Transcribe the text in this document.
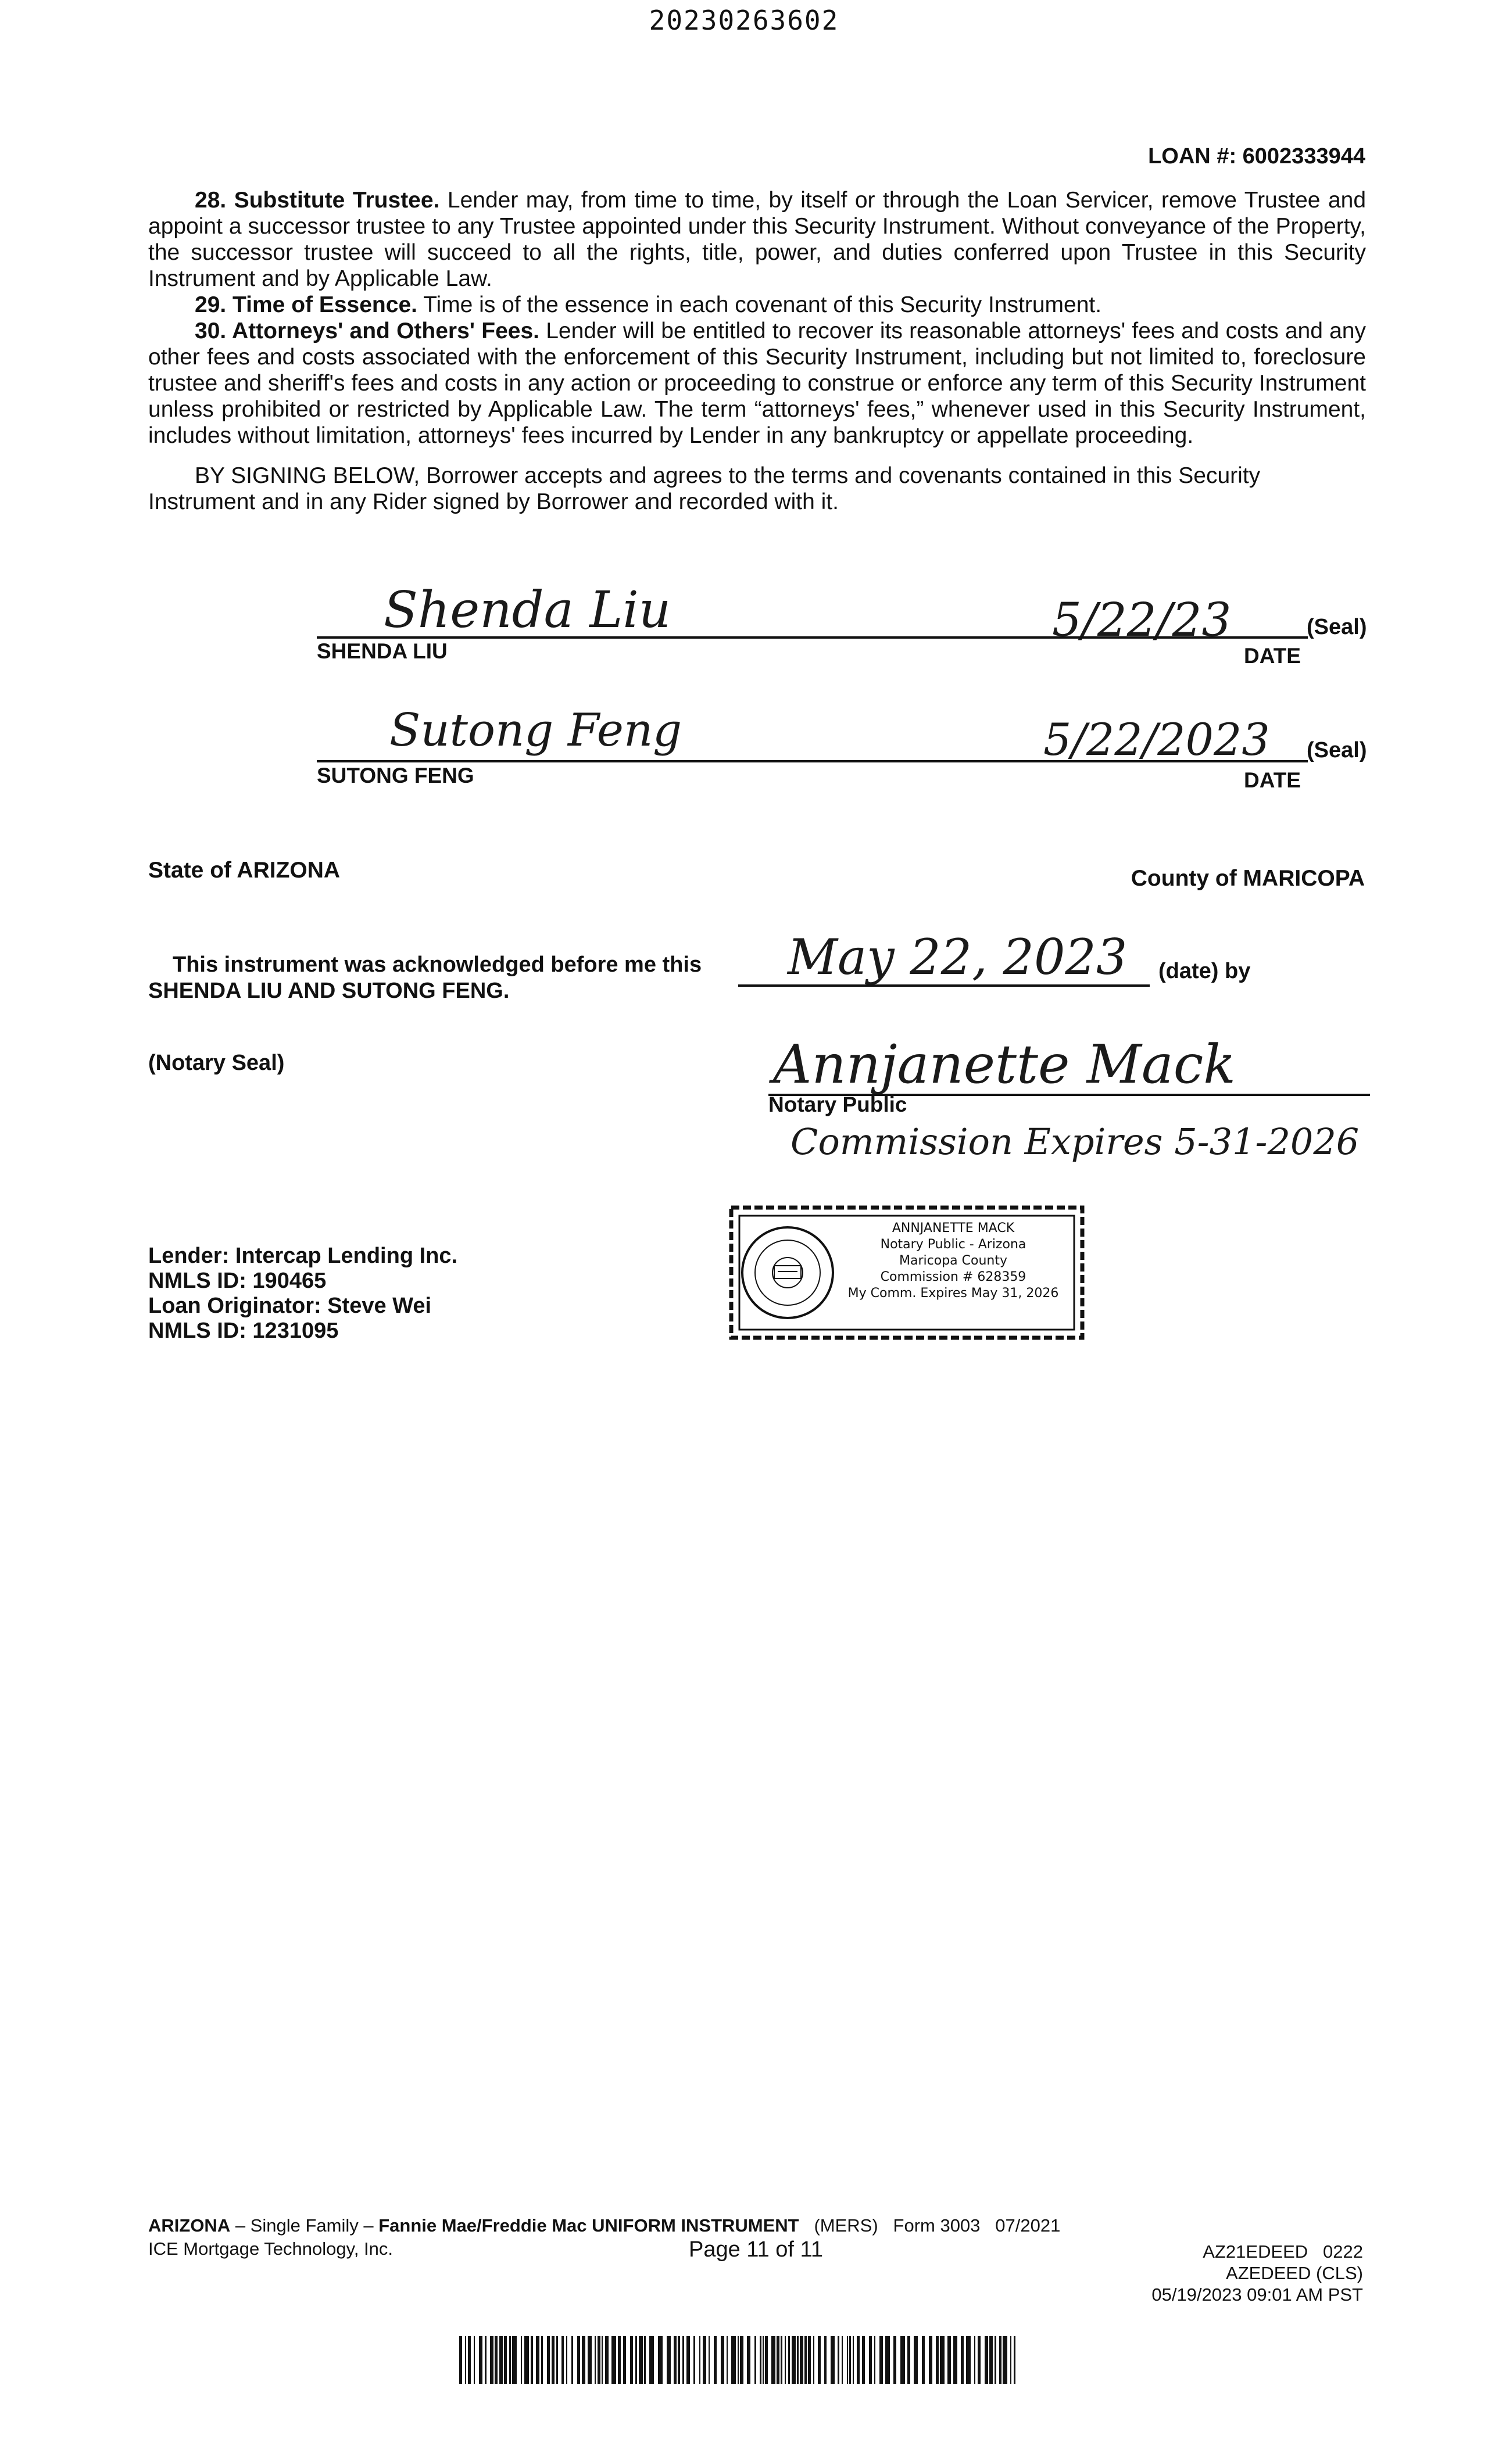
20230263602
LOAN #: 6002333944

28. Substitute Trustee. Lender may, from time to time, by itself or through the Loan Servicer, remove Trustee and appoint a successor trustee to any Trustee appointed under this Security Instrument. Without conveyance of the Property, the successor trustee will succeed to all the rights, title, power, and duties conferred upon Trustee in this Security Instrument and by Applicable Law.

29. Time of Essence. Time is of the essence in each covenant of this Security Instrument.

30. Attorneys' and Others' Fees. Lender will be entitled to recover its reasonable attorneys' fees and costs and any other fees and costs associated with the enforcement of this Security Instrument, including but not limited to, foreclosure trustee and sheriff's fees and costs in any action or proceeding to construe or enforce any term of this Security Instrument unless prohibited or restricted by Applicable Law. The term “attorneys' fees,” whenever used in this Security Instrument, includes without limitation, attorneys' fees incurred by Lender in any bankruptcy or appellate proceeding.

BY SIGNING BELOW, Borrower accepts and agrees to the terms and covenants contained in this Security Instrument and in any Rider signed by Borrower and recorded with it.

Shenda Liu	5/22/23
SHENDA LIU	DATE
(Seal)
Sutong Feng	5/22/2023
SUTONG FENG	DATE
(Seal)
State of ARIZONA	County of MARICOPA
This instrument was acknowledged before me this
SHENDA LIU AND SUTONG FENG.
May 22, 2023 (date) by
(Notary Seal)	Annjanette Mack
Notary Public
Commission Expires 5-31-2026
ANNJANETTE MACK
Notary Public - Arizona
Maricopa County
Commission # 628359
My Comm. Expires May 31, 2026
Lender: Intercap Lending Inc.
NMLS ID: 190465
Loan Originator: Steve Wei
NMLS ID: 1231095
ARIZONA – Single Family – Fannie Mae/Freddie Mac UNIFORM INSTRUMENT   (MERS)   Form 3003   07/2021
ICE Mortgage Technology, Inc.	Page 11 of 11	AZ21EDEED   0222
AZEDEED (CLS)
05/19/2023 09:01 AM PST
